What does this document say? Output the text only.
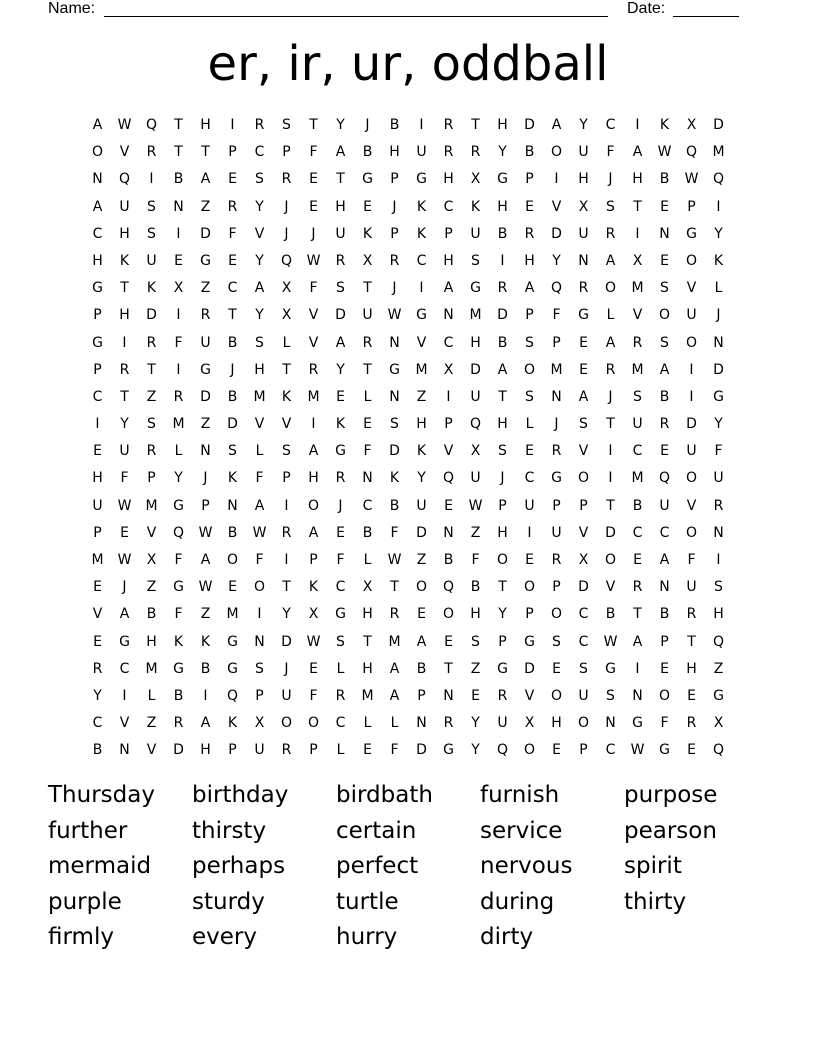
Name:	Date:
er, ir, ur, oddball
A	W	Q	T	H	I	R	S	T	Y	J	B	I	R	T	H	D	A	Y	C	I	K	X	D
O	V	R	T	T	P	C	P	F	A	B	H	U	R	R	Y	B	O	U	F	A	W	Q	M
N	Q	I	B	A	E	S	R	E	T	G	P	G	H	X	G	P	I	H	J	H	B	W	Q
A	U	S	N	Z	R	Y	J	E	H	E	J	K	C	K	H	E	V	X	S	T	E	P	I
C	H	S	I	D	F	V	J	J	U	K	P	K	P	U	B	R	D	U	R	I	N	G	Y
H	K	U	E	G	E	Y	Q	W	R	X	R	C	H	S	I	H	Y	N	A	X	E	O	K
G	T	K	X	Z	C	A	X	F	S	T	J	I	A	G	R	A	Q	R	O	M	S	V	L
P	H	D	I	R	T	Y	X	V	D	U	W	G	N	M	D	P	F	G	L	V	O	U	J
G	I	R	F	U	B	S	L	V	A	R	N	V	C	H	B	S	P	E	A	R	S	O	N
P	R	T	I	G	J	H	T	R	Y	T	G	M	X	D	A	O	M	E	R	M	A	I	D
C	T	Z	R	D	B	M	K	M	E	L	N	Z	I	U	T	S	N	A	J	S	B	I	G
I	Y	S	M	Z	D	V	V	I	K	E	S	H	P	Q	H	L	J	S	T	U	R	D	Y
E	U	R	L	N	S	L	S	A	G	F	D	K	V	X	S	E	R	V	I	C	E	U	F
H	F	P	Y	J	K	F	P	H	R	N	K	Y	Q	U	J	C	G	O	I	M	Q	O	U
U	W	M	G	P	N	A	I	O	J	C	B	U	E	W	P	U	P	P	T	B	U	V	R
P	E	V	Q	W	B	W	R	A	E	B	F	D	N	Z	H	I	U	V	D	C	C	O	N
M	W	X	F	A	O	F	I	P	F	L	W	Z	B	F	O	E	R	X	O	E	A	F	I
E	J	Z	G	W	E	O	T	K	C	X	T	O	Q	B	T	O	P	D	V	R	N	U	S
V	A	B	F	Z	M	I	Y	X	G	H	R	E	O	H	Y	P	O	C	B	T	B	R	H
E	G	H	K	K	G	N	D	W	S	T	M	A	E	S	P	G	S	C	W	A	P	T	Q
R	C	M	G	B	G	S	J	E	L	H	A	B	T	Z	G	D	E	S	G	I	E	H	Z
Y	I	L	B	I	Q	P	U	F	R	M	A	P	N	E	R	V	O	U	S	N	O	E	G
C	V	Z	R	A	K	X	O	O	C	L	L	N	R	Y	U	X	H	O	N	G	F	R	X
B	N	V	D	H	P	U	R	P	L	E	F	D	G	Y	Q	O	E	P	C	W	G	E	Q
Thursday	birthday	birdbath	furnish	purpose
further	thirsty	certain	service	pearson
mermaid	perhaps	perfect	nervous	spirit
purple	sturdy	turtle	during	thirty
firmly	every	hurry	dirty
